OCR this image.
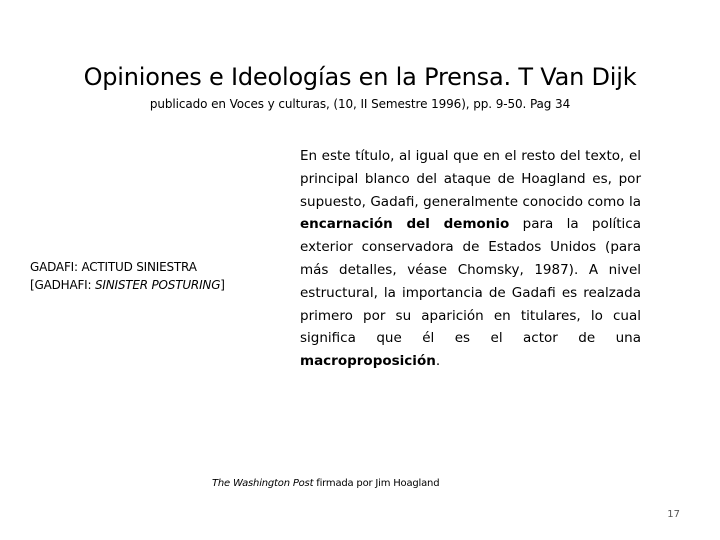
Opiniones e Ideologías en la Prensa. T Van Dijk
publicado en Voces y culturas, (10, II Semestre 1996), pp. 9-50. Pag 34
GADAFI: ACTITUD SINIESTRA
[GADHAFI: SINISTER POSTURING]
En este título, al igual que en el resto del texto, el principal blanco del ataque de Hoagland es, por supuesto, Gadafi, generalmente conocido como la encarnación del demonio para la política exterior conservadora de Estados Unidos (para más detalles, véase Chomsky, 1987). A nivel estructural, la importancia de Gadafi es realzada primero por su aparición en titulares, lo cual significa que él es el actor de una macroproposición.
The Washington Post firmada por Jim Hoagland
17
